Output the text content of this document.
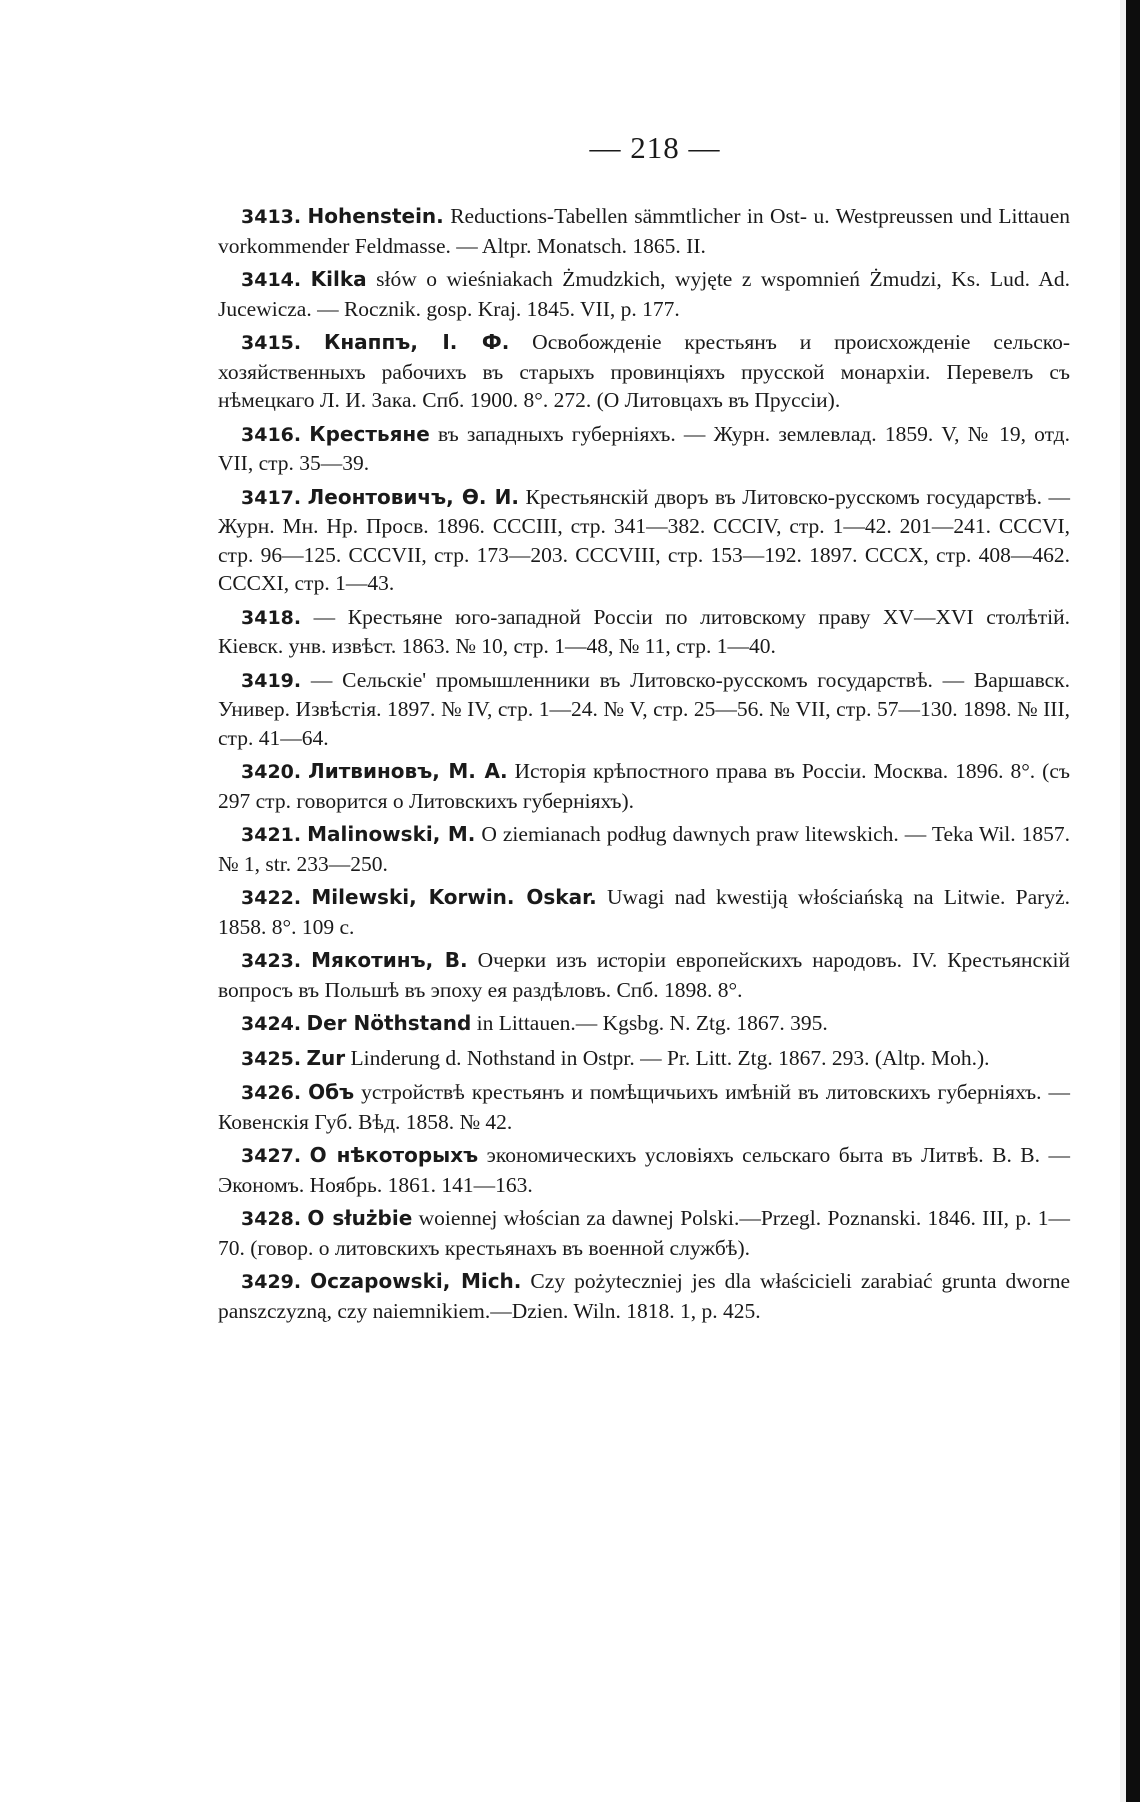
— 218 —

3413. Hohenstein. Reductions-Tabellen sämmtlicher in Ost- u. Westpreussen und Littauen vorkommender Feldmasse. — Altpr. Monatsch. 1865. II.

3414. Kilka słów o wieśniakach Żmudzkich, wyjęte z wspomnień Żmudzi, Ks. Lud. Ad. Jucewicza. — Rocznik. gosp. Kraj. 1845. VII, p. 177.

3415. Кнаппъ, I. Ф. Освобожденіе крестьянъ и происхожденіе сельско-хозяйственныхъ рабочихъ въ старыхъ провинціяхъ прусской монархіи. Перевелъ съ нѣмецкаго Л. И. Зака. Спб. 1900. 8°. 272. (О Литовцахъ въ Пруссіи).

3416. Крестьяне въ западныхъ губерніяхъ. — Журн. землевлад. 1859. V, № 19, отд. VII, стр. 35—39.

3417. Леонтовичъ, Ѳ. И. Крестьянскій дворъ въ Литовско-русскомъ государствѣ. — Журн. Мн. Нр. Просв. 1896. CCCIII, стр. 341—382. CCCIV, стр. 1—42. 201—241. CCCVI, стр. 96—125. CCCVII, стр. 173—203. CCCVIII, стр. 153—192. 1897. CCCX, стр. 408—462. CCCXI, стр. 1—43.

3418. — Крестьяне юго-западной Россіи по литовскому праву XV—XVI столѣтій. Кіевск. унв. извѣст. 1863. № 10, стр. 1—48, № 11, стр. 1—40.

3419. — Сельскіе' промышленники въ Литовско-русскомъ государствѣ. — Варшавск. Универ. Извѣстія. 1897. № IV, стр. 1—24. № V, стр. 25—56. № VII, стр. 57—130. 1898. № III, стр. 41—64.

3420. Литвиновъ, М. А. Исторія крѣпостного права въ Россіи. Москва. 1896. 8°. (съ 297 стр. говорится о Литовскихъ губерніяхъ).

3421. Malinowski, M. O ziemianach podług dawnych praw litewskich. — Teka Wil. 1857. № 1, str. 233—250.

3422. Milewski, Korwin. Oskar. Uwagi nad kwestiją włościańską na Litwie. Paryż. 1858. 8°. 109 c.

3423. Мякотинъ, В. Очерки изъ исторіи европейскихъ народовъ. IV. Крестьянскій вопросъ въ Польшѣ въ эпоху ея раздѣловъ. Спб. 1898. 8°.

3424. Der Nöthstand in Littauen.— Kgsbg. N. Ztg. 1867. 395.

3425. Zur Linderung d. Nothstand in Ostpr. — Pr. Litt. Ztg. 1867. 293. (Altp. Moh.).

3426. Объ устройствѣ крестьянъ и помѣщичьихъ имѣній въ литовскихъ губерніяхъ. — Ковенскія Губ. Вѣд. 1858. № 42.

3427. О нѣкоторыхъ экономическихъ условіяхъ сельскаго быта въ Литвѣ. В. В. — Экономъ. Ноябрь. 1861. 141—163.

3428. O służbie woiennej włościan za dawnej Polski.—Przegl. Poznanski. 1846. III, p. 1—70. (говор. о литовскихъ крестьянахъ въ военной службѣ).

3429. Oczapowski, Mich. Czy pożyteczniej jes dla właścicieli zarabiać grunta dworne panszczyzną, czy naiemnikiem.—Dzien. Wiln. 1818. 1, p. 425.
